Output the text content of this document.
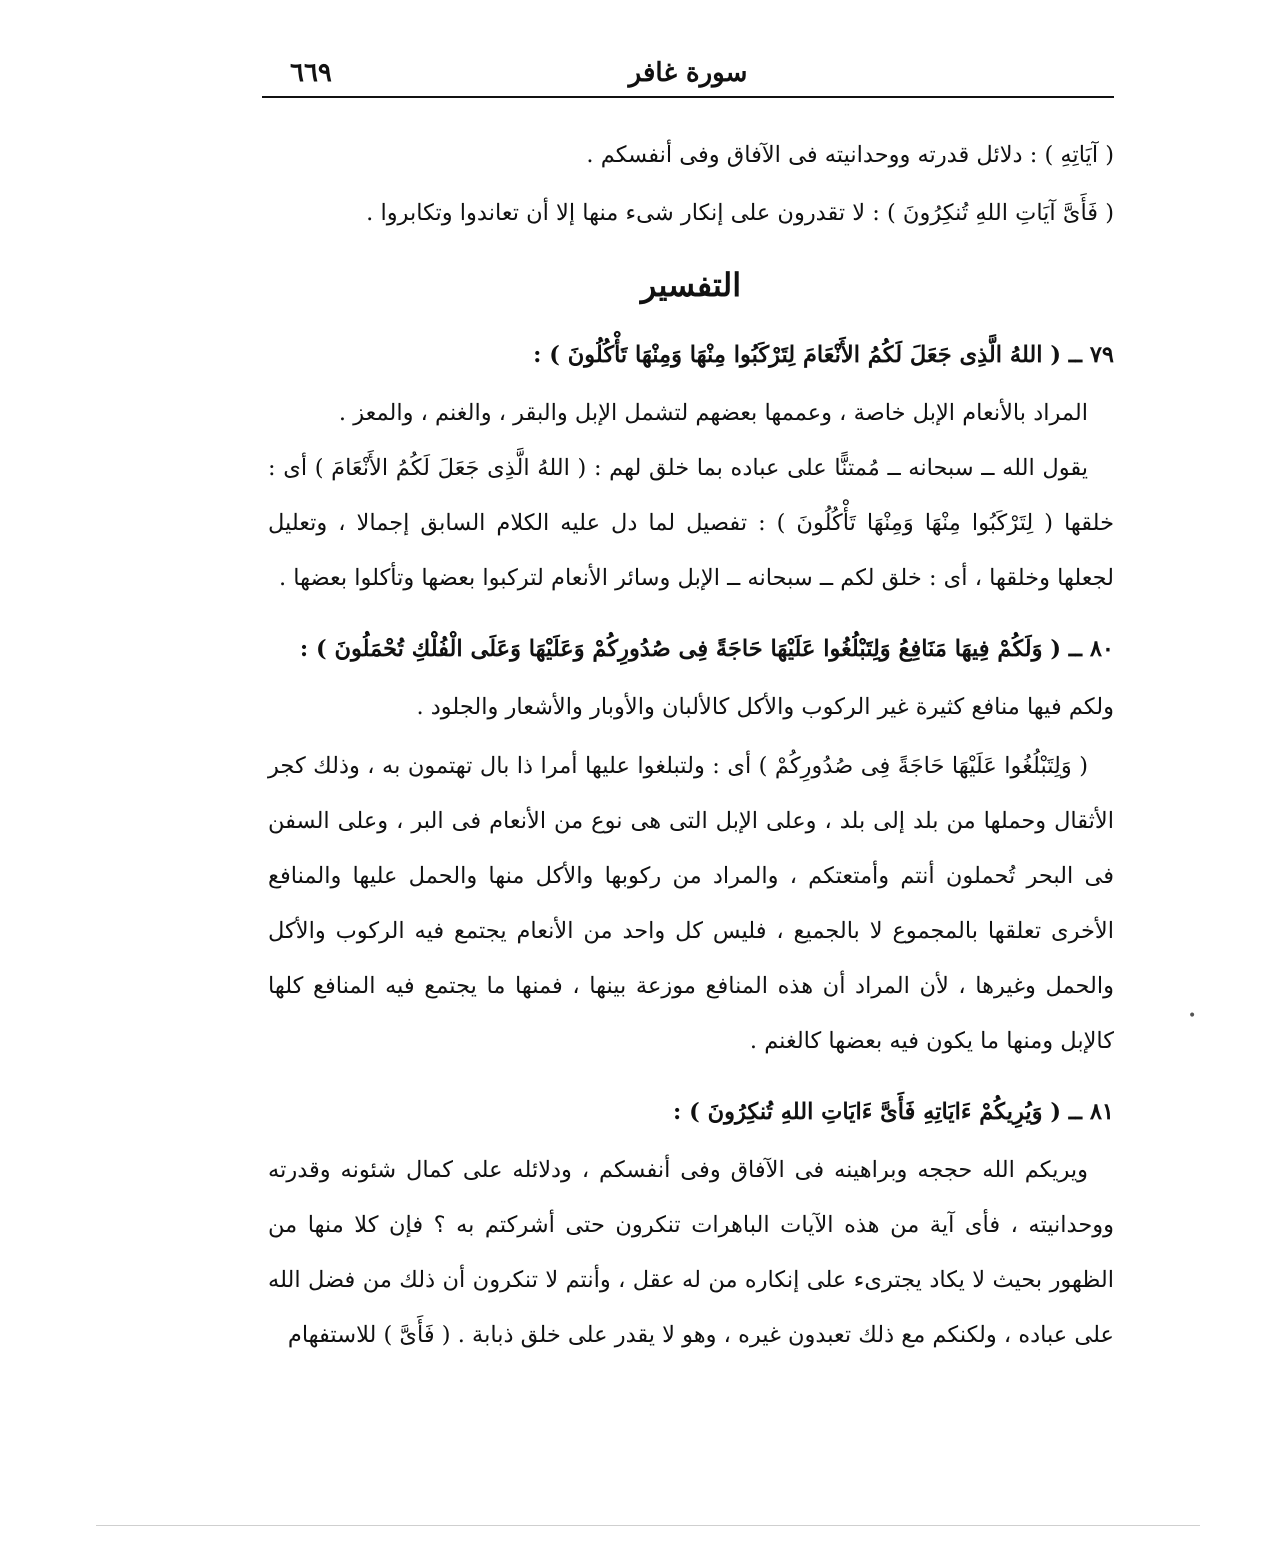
سورة غافر
٦٦٩

( آيَاتِهِ ) : دلائل قدرته ووحدانيته فى الآفاق وفى أنفسكم .

( فَأَىَّ آيَاتِ اللهِ تُنكِرُونَ ) : لا تقدرون على إنكار شىء منها إلا أن تعاندوا وتكابروا .

التفسير

٧٩ ــ ( اللهُ الَّذِى جَعَلَ لَكُمُ الأَنْعَامَ لِتَرْكَبُوا مِنْهَا وَمِنْهَا تَأْكُلُونَ ) :

المراد بالأنعام الإبل خاصة ، وعممها بعضهم لتشمل الإبل والبقر ، والغنم ، والمعز .

يقول الله ــ سبحانه ــ مُمتنًّا على عباده بما خلق لهم : ( اللهُ الَّذِى جَعَلَ لَكُمُ الأَنْعَامَ ) أى : خلقها ( لِتَرْكَبُوا مِنْهَا وَمِنْهَا تَأْكُلُونَ ) : تفصيل لما دل عليه الكلام السابق إجمالا ، وتعليل لجعلها وخلقها ، أى : خلق لكم ــ سبحانه ــ الإبل وسائر الأنعام لتركبوا بعضها وتأكلوا بعضها .

٨٠ ــ ( وَلَكُمْ فِيهَا مَنَافِعُ وَلِتَبْلُغُوا عَلَيْهَا حَاجَةً فِى صُدُورِكُمْ وَعَلَيْهَا وَعَلَى الْفُلْكِ تُحْمَلُونَ ) :

ولكم فيها منافع كثيرة غير الركوب والأكل كالألبان والأوبار والأشعار والجلود .

( وَلِتَبْلُغُوا عَلَيْهَا حَاجَةً فِى صُدُورِكُمْ ) أى : ولتبلغوا عليها أمرا ذا بال تهتمون به ، وذلك كجر الأثقال وحملها من بلد إلى بلد ، وعلى الإبل التى هى نوع من الأنعام فى البر ، وعلى السفن فى البحر تُحملون أنتم وأمتعتكم ، والمراد من ركوبها والأكل منها والحمل عليها والمنافع الأخرى تعلقها بالمجموع لا بالجميع ، فليس كل واحد من الأنعام يجتمع فيه الركوب والأكل والحمل وغيرها ، لأن المراد أن هذه المنافع موزعة بينها ، فمنها ما يجتمع فيه المنافع كلها كالإبل ومنها ما يكون فيه بعضها كالغنم .

٨١ ــ ( وَيُرِيكُمْ ءَايَاتِهِ فَأَىَّ ءَايَاتِ اللهِ تُنكِرُونَ ) :

ويريكم الله حججه وبراهينه فى الآفاق وفى أنفسكم ، ودلائله على كمال شئونه وقدرته ووحدانيته ، فأى آية من هذه الآيات الباهرات تنكرون حتى أشركتم به ؟ فإن كلا منها من الظهور بحيث لا يكاد يجترىء على إنكاره من له عقل ، وأنتم لا تنكرون أن ذلك من فضل الله على عباده ، ولكنكم مع ذلك تعبدون غيره ، وهو لا يقدر على خلق ذبابة . ( فَأَىَّ ) للاستفهام

•
